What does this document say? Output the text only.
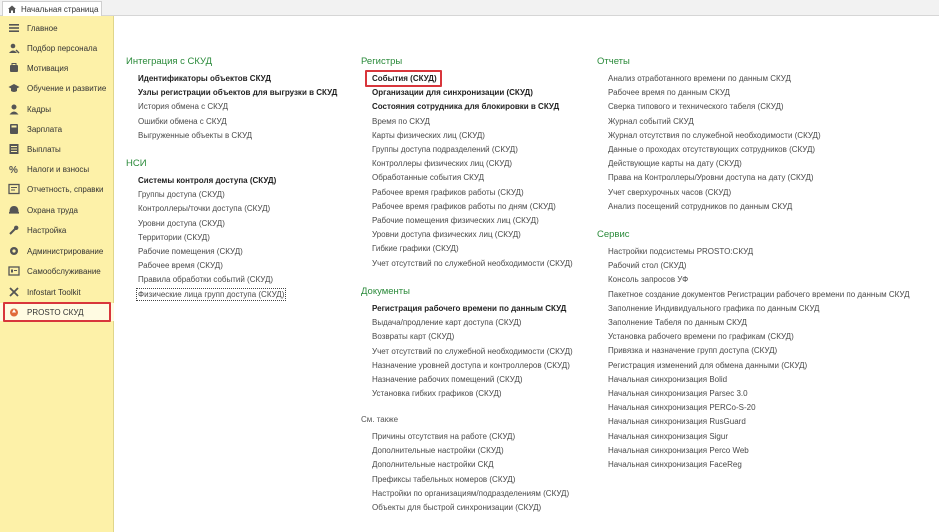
Начальная страница
Главное
Подбор персонала
Мотивация
Обучение и развитие
Кадры
Зарплата
Выплаты
% Налоги и взносы
Отчетность, справки
Охрана труда
Настройка
Администрирование
Самообслуживание
Infostart Toolkit
PROSTO СКУД
Интеграция с СКУД
Идентификаторы объектов СКУД
Узлы регистрации объектов для выгрузки в СКУД
История обмена с СКУД
Ошибки обмена с СКУД
Выгруженные объекты в СКУД
НСИ
Системы контроля доступа (СКУД)
Группы доступа (СКУД)
Контроллеры/точки доступа (СКУД)
Уровни доступа (СКУД)
Территории (СКУД)
Рабочие помещения (СКУД)
Рабочее время (СКУД)
Правила обработки событий (СКУД)
Физические лица групп доступа (СКУД)
Регистры
События (СКУД)
Организации для синхронизации (СКУД)
Состояния сотрудника для блокировки в СКУД
Время по СКУД
Карты физических лиц (СКУД)
Группы доступа подразделений (СКУД)
Контроллеры физических лиц (СКУД)
Обработанные события СКУД
Рабочее время графиков работы (СКУД)
Рабочее время графиков работы по дням (СКУД)
Рабочие помещения физических лиц (СКУД)
Уровни доступа физических лиц (СКУД)
Гибкие графики (СКУД)
Учет отсутствий по служебной необходимости (СКУД)
Документы
Регистрация рабочего времени по данным СКУД
Выдача/продление карт доступа (СКУД)
Возвраты карт (СКУД)
Учет отсутствий по служебной необходимости (СКУД)
Назначение уровней доступа и контроллеров (СКУД)
Назначение рабочих помещений (СКУД)
Установка гибких графиков (СКУД)
См. также
Причины отсутствия на работе (СКУД)
Дополнительные настройки (СКУД)
Дополнительные настройки СКД
Префиксы табельных номеров (СКУД)
Настройки по организациям/подразделениям (СКУД)
Объекты для быстрой синхронизации (СКУД)
Отчеты
Анализ отработанного времени по данным СКУД
Рабочее время по данным СКУД
Сверка типового и технического табеля (СКУД)
Журнал событий СКУД
Журнал отсутствия по служебной необходимости (СКУД)
Данные о проходах отсутствующих сотрудников (СКУД)
Действующие карты на дату (СКУД)
Права на Контроллеры/Уровни доступа на дату (СКУД)
Учет сверхурочных часов (СКУД)
Анализ посещений сотрудников по данным СКУД
Сервис
Настройки подсистемы PROSTO:СКУД
Рабочий стол (СКУД)
Консоль запросов УФ
Пакетное создание документов Регистрации рабочего времени по данным СКУД
Заполнение Индивидуального графика по данным СКУД
Заполнение Табеля по данным СКУД
Установка рабочего времени по графикам (СКУД)
Привязка и назначение групп доступа (СКУД)
Регистрация изменений для обмена данными (СКУД)
Начальная синхронизация Bolid
Начальная синхронизация Parsec 3.0
Начальная синхронизация PERCo-S-20
Начальная синхронизация RusGuard
Начальная синхронизация Sigur
Начальная синхронизация Perco Web
Начальная синхронизация FaceReg
